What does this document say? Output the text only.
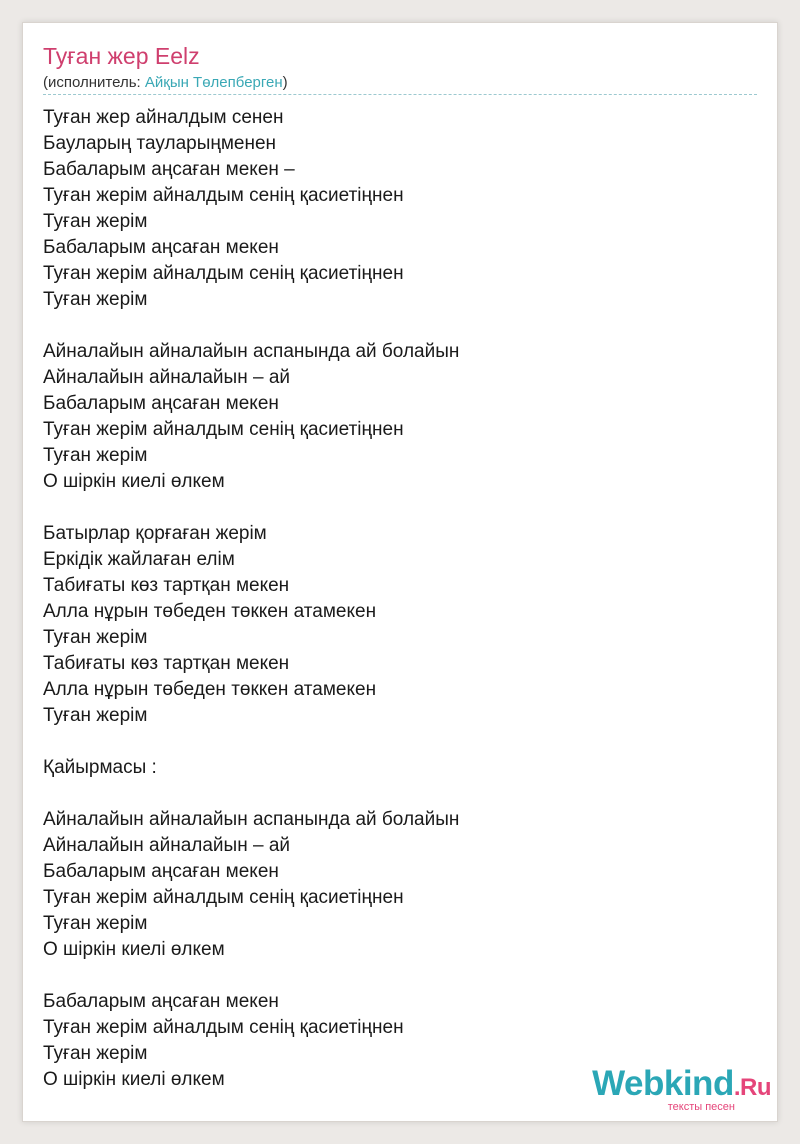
Туған жер Eelz
(исполнитель: Айқын Төлепберген)
Туған жер айналдым сенен
Бауларың тауларыңменен
Бабаларым аңсаған мекен –
Туған жерім айналдым сенің қасиетіңнен
Туған жерім
Бабаларым аңсаған мекен
Туған жерім айналдым сенің қасиетіңнен
Туған жерім
Айналайын айналайын аспанында ай болайын
Айналайын айналайын – ай
Бабаларым аңсаған мекен
Туған жерім айналдым сенің қасиетіңнен
Туған жерім
О шіркін киелі өлкем
Батырлар қорғаған жерім
Еркідік жайлаған елім
Табиғаты көз тартқан мекен
Алла нұрын төбеден төккен атамекен
Туған жерім
Табиғаты көз тартқан мекен
Алла нұрын төбеден төккен атамекен
Туған жерім
Қайырмасы :
Айналайын айналайын аспанында ай болайын
Айналайын айналайын – ай
Бабаларым аңсаған мекен
Туған жерім айналдым сенің қасиетіңнен
Туған жерім
О шіркін киелі өлкем
Бабаларым аңсаған мекен
Туған жерім айналдым сенің қасиетіңнен
Туған жерім
О шіркін киелі өлкем	Webkind.Ru
тексты песен
